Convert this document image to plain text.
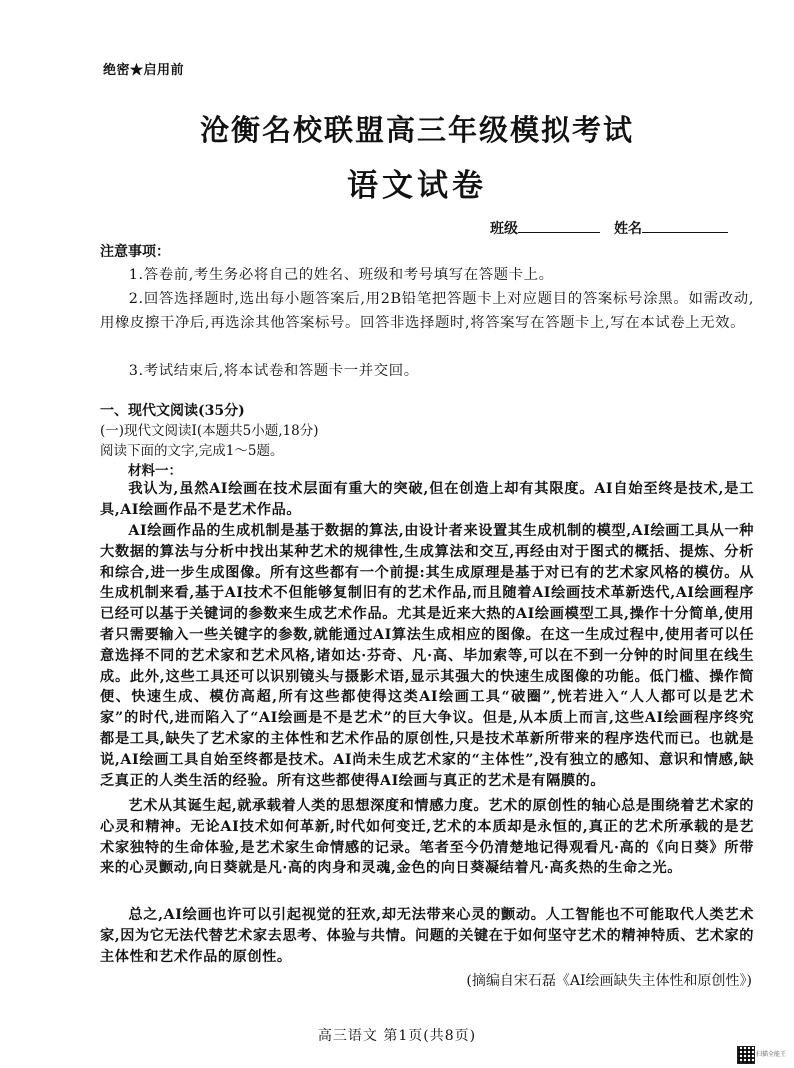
绝密★启用前
沧衡名校联盟高三年级模拟考试
语文试卷
班级	姓名
注意事项：

1.答卷前,考生务必将自己的姓名、班级和考号填写在答题卡上。

2.回答选择题时,选出每小题答案后,用2B铅笔把答题卡上对应题目的答案标号涂黑。如需改动,用橡皮擦干净后,再选涂其他答案标号。回答非选择题时,将答案写在答题卡上,写在本试卷上无效。

3.考试结束后,将本试卷和答题卡一并交回。

一、现代文阅读(35分)
(一)现代文阅读Ⅰ(本题共5小题,18分)
阅读下面的文字,完成1～5题。
材料一：

我认为,虽然AI绘画在技术层面有重大的突破,但在创造上却有其限度。AI自始至终是技术,是工具,AI绘画作品不是艺术作品。

AI绘画作品的生成机制是基于数据的算法,由设计者来设置其生成机制的模型,AI绘画工具从一种大数据的算法与分析中找出某种艺术的规律性,生成算法和交互,再经由对于图式的概括、提炼、分析和综合,进一步生成图像。所有这些都有一个前提:其生成原理是基于对已有的艺术家风格的模仿。从生成机制来看,基于AI技术不但能够复制旧有的艺术作品,而且随着AI绘画技术革新迭代,AI绘画程序已经可以基于关键词的参数来生成艺术作品。尤其是近来大热的AI绘画模型工具,操作十分简单,使用者只需要输入一些关键字的参数,就能通过AI算法生成相应的图像。在这一生成过程中,使用者可以任意选择不同的艺术家和艺术风格,诸如达·芬奇、凡·高、毕加索等,可以在不到一分钟的时间里在线生成。此外,这些工具还可以识别镜头与摄影术语,显示其强大的快速生成图像的功能。低门槛、操作简便、快速生成、模仿高超,所有这些都使得这类AI绘画工具“破圈”,恍若进入“人人都可以是艺术家”的时代,进而陷入了“AI绘画是不是艺术”的巨大争议。但是,从本质上而言,这些AI绘画程序终究都是工具,缺失了艺术家的主体性和艺术作品的原创性,只是技术革新所带来的程序迭代而已。也就是说,AI绘画工具自始至终都是技术。AI尚未生成艺术家的“主体性”,没有独立的感知、意识和情感,缺乏真正的人类生活的经验。所有这些都使得AI绘画与真正的艺术是有隔膜的。

艺术从其诞生起,就承载着人类的思想深度和情感力度。艺术的原创性的轴心总是围绕着艺术家的心灵和精神。无论AI技术如何革新,时代如何变迁,艺术的本质却是永恒的,真正的艺术所承载的是艺术家独特的生命体验,是艺术家生命情感的记录。笔者至今仍清楚地记得观看凡·高的《向日葵》所带来的心灵颤动,向日葵就是凡·高的肉身和灵魂,金色的向日葵凝结着凡·高炙热的生命之光。

总之,AI绘画也许可以引起视觉的狂欢,却无法带来心灵的颤动。人工智能也不可能取代人类艺术家,因为它无法代替艺术家去思考、体验与共情。问题的关键在于如何坚守艺术的精神特质、艺术家的主体性和艺术作品的原创性。

(摘编自宋石磊《AI绘画缺失主体性和原创性》)
高三语文 第1页(共8页)
扫描全能王
